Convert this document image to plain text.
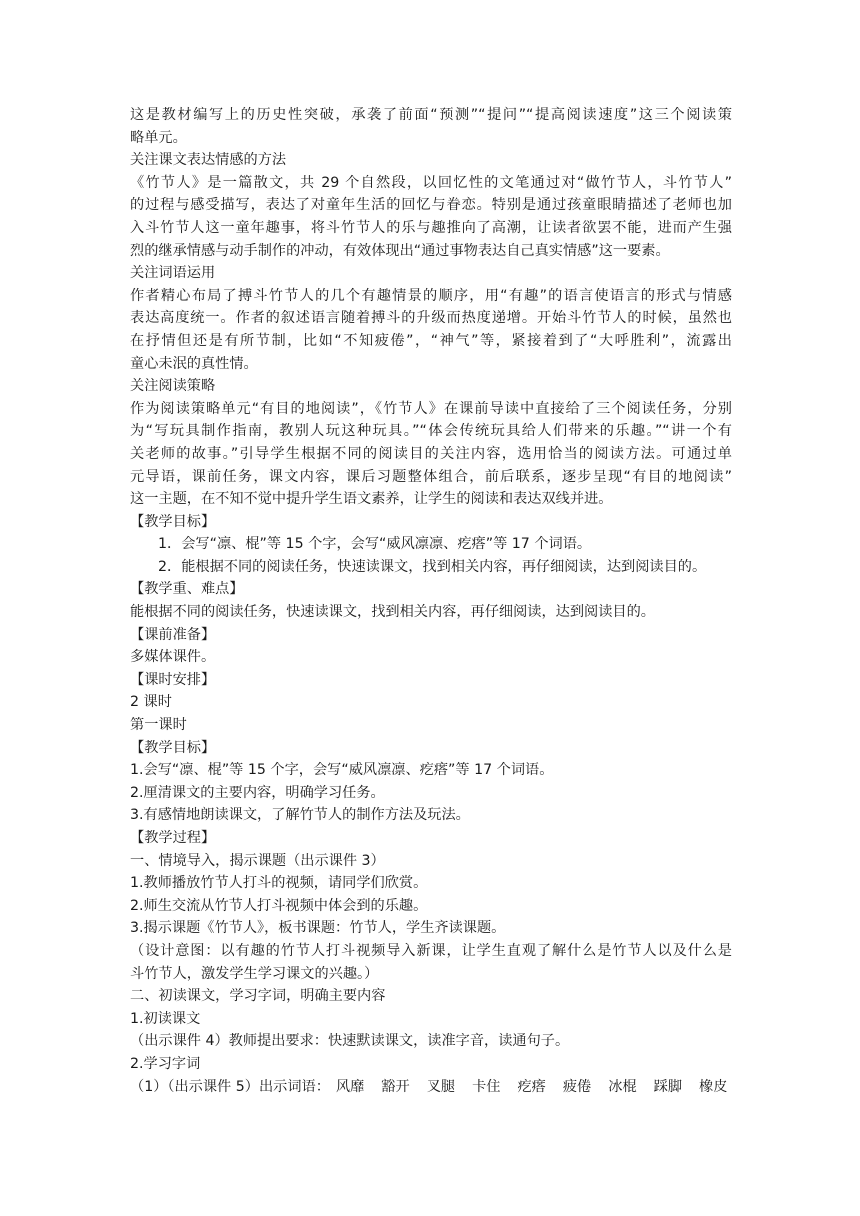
这是教材编写上的历史性突破，承袭了前面“预测”“提问”“提高阅读速度”这三个阅读策
略单元。
关注课文表达情感的方法
《竹节人》是一篇散文，共 29 个自然段，以回忆性的文笔通过对“做竹节人，斗竹节人”
的过程与感受描写，表达了对童年生活的回忆与眷恋。特别是通过孩童眼睛描述了老师也加
入斗竹节人这一童年趣事，将斗竹节人的乐与趣推向了高潮，让读者欲罢不能，进而产生强
烈的继承情感与动手制作的冲动，有效体现出“通过事物表达自己真实情感”这一要素。
关注词语运用
作者精心布局了搏斗竹节人的几个有趣情景的顺序，用“有趣”的语言使语言的形式与情感
表达高度统一。作者的叙述语言随着搏斗的升级而热度递增。开始斗竹节人的时候，虽然也
在抒情但还是有所节制，比如“不知疲倦”，“神气”等，紧接着到了“大呼胜利”，流露出
童心未泯的真性情。
关注阅读策略
作为阅读策略单元“有目的地阅读”，《竹节人》在课前导读中直接给了三个阅读任务，分别
为“写玩具制作指南，教别人玩这种玩具。”“体会传统玩具给人们带来的乐趣。”“讲一个有
关老师的故事。”引导学生根据不同的阅读目的关注内容，选用恰当的阅读方法。可通过单
元导语，课前任务，课文内容，课后习题整体组合，前后联系，逐步呈现“有目的地阅读”
这一主题，在不知不觉中提升学生语文素养，让学生的阅读和表达双线并进。
【教学目标】
1．会写“凛、棍”等 15 个字，会写“威风凛凛、疙瘩”等 17 个词语。
2．能根据不同的阅读任务，快速读课文，找到相关内容，再仔细阅读，达到阅读目的。
【教学重、难点】
能根据不同的阅读任务，快速读课文，找到相关内容，再仔细阅读，达到阅读目的。
【课前准备】
多媒体课件。
【课时安排】
2 课时
第一课时
【教学目标】
1.会写“凛、棍”等 15 个字，会写“威风凛凛、疙瘩”等 17 个词语。
2.厘清课文的主要内容，明确学习任务。
3.有感情地朗读课文，了解竹节人的制作方法及玩法。
【教学过程】
一、情境导入，揭示课题（出示课件 3）
1.教师播放竹节人打斗的视频，请同学们欣赏。
2.师生交流从竹节人打斗视频中体会到的乐趣。
3.揭示课题《竹节人》，板书课题：竹节人，学生齐读课题。
（设计意图：以有趣的竹节人打斗视频导入新课，让学生直观了解什么是竹节人以及什么是
斗竹节人，激发学生学习课文的兴趣。）
二、初读课文，学习字词，明确主要内容
1.初读课文
（出示课件 4）教师提出要求：快速默读课文，读准字音，读通句子。
2.学习字词
（1）（出示课件 5）出示词语： 风靡 豁开 叉腿 卡住 疙瘩 疲倦 冰棍 踩脚 橡皮
